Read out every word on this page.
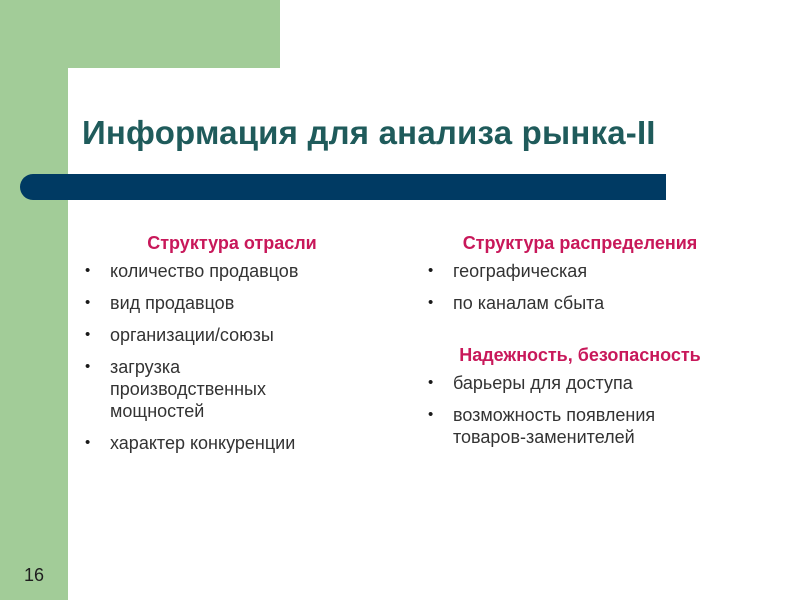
Информация для анализа рынка-II
Структура отрасли
• количество продавцов
• вид продавцов
• организации/союзы
• загрузка производственных мощностей
• характер конкуренции
Структура распределения
• географическая
• по каналам сбыта
Надежность, безопасность
• барьеры для доступа
• возможность появления товаров-заменителей
16
